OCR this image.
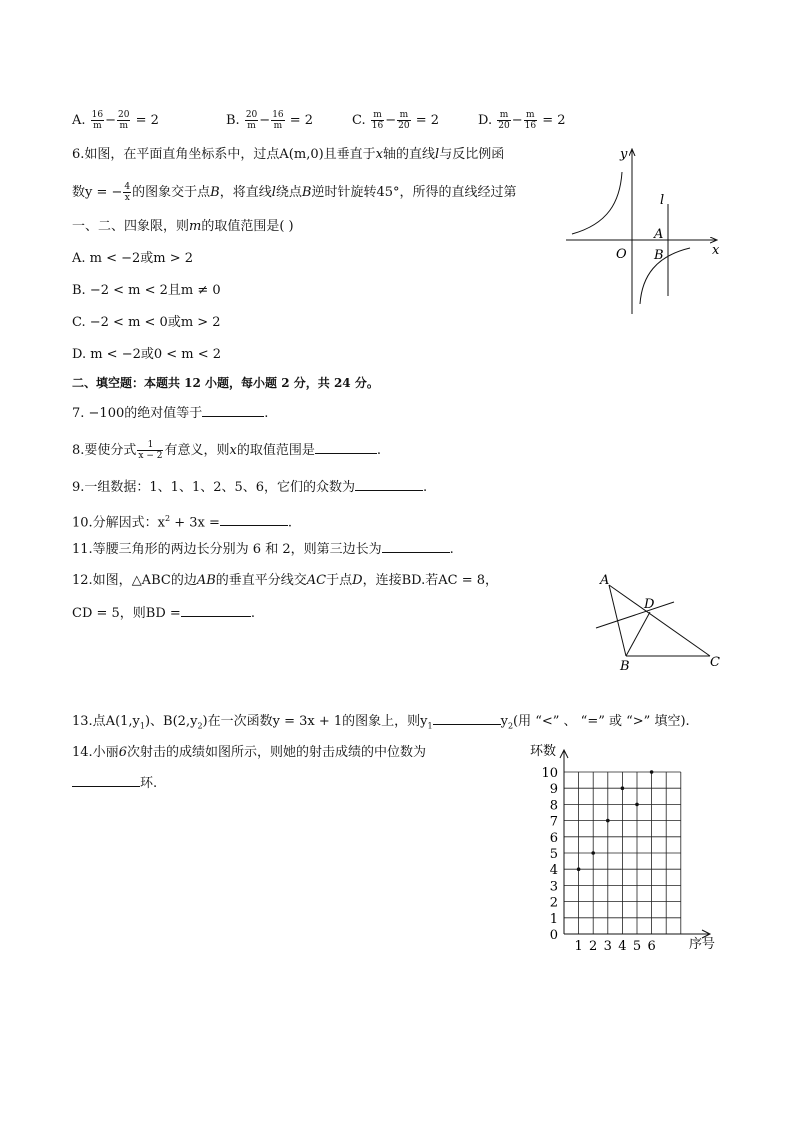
A. $\frac{16}{m} - \frac{20}{m} = 2$	B. $\frac{20}{m} - \frac{16}{m} = 2$	C. $\frac{m}{16} - \frac{m}{20} = 2$	D. $\frac{m}{20} - \frac{m}{16} = 2$
6.如图，在平面直角坐标系中，过点A(m,0)且垂直于x轴的直线l与反比例函
数y = − $\frac{4}{x}$ 的图象交于点B，将直线l绕点B逆时针旋转45°，所得的直线经过第
一、二、四象限，则m的取值范围是( )
A. m < −2或m > 2
B. −2 < m < 2且m ≠ 0
C. −2 < m < 0或m > 2
D. m < −2或0 < m < 2
y
x
O
l
A
B
二、填空题：本题共 12 小题，每小题 2 分，共 24 分。
7. −100的绝对值等于	.
8.要使分式 $\frac{1}{x - 2}$ 有意义，则x的取值范围是	.
9.一组数据：1、1、1、2、5、6，它们的众数为	.
10.分解因式：$x^2 + 3x$ =	.
11.等腰三角形的两边长分别为 6 和 2，则第三边长为	.
12.如图，△ABC的边AB的垂直平分线交AC于点D，连接BD.若AC = 8，
CD = 5，则BD =	.
A
B	C
D
13.点$A(1,y_1)$、$B(2,y_2)$在一次函数y = 3x + 1的图象上，则$y_1$	$y_2$(用 “<” 、 “=” 或 “>” 填空).
14.小丽6次射击的成绩如图所示，则她的射击成绩的中位数为
环.
1
2
3
4
5
6
7
8
9
10
0
1 2 3 4 5 6
环数
序号
